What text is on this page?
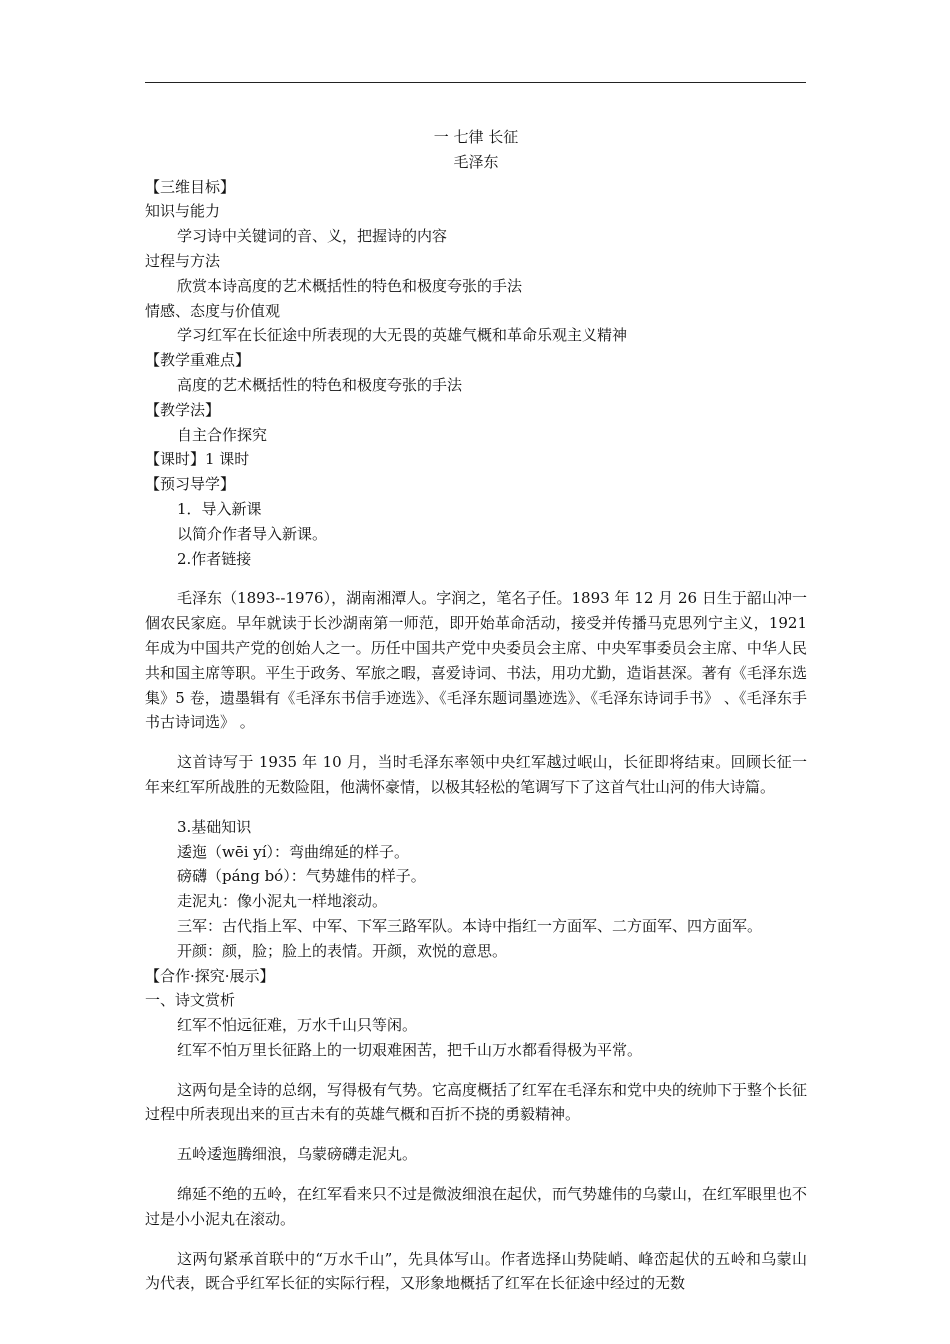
一 七律 长征

毛泽东

【三维目标】

知识与能力

学习诗中关键词的音、义，把握诗的内容

过程与方法

欣赏本诗高度的艺术概括性的特色和极度夸张的手法

情感、态度与价值观

学习红军在长征途中所表现的大无畏的英雄气概和革命乐观主义精神

【教学重难点】

高度的艺术概括性的特色和极度夸张的手法

【教学法】

自主合作探究

【课时】1 课时

【预习导学】

1．导入新课

以简介作者导入新课。

2.作者链接

毛泽东（1893--1976），湖南湘潭人。字润之，笔名子任。1893 年 12 月 26 日生于韶山冲一個农民家庭。早年就读于长沙湖南第一师范，即开始革命活动，接受并传播马克思列宁主义，1921 年成为中国共产党的创始人之一。历任中国共产党中央委员会主席、中央军事委员会主席、中华人民共和国主席等职。平生于政务、军旅之暇，喜爱诗词、书法，用功尤勤，造诣甚深。著有《毛泽东选集》5 卷，遗墨辑有《毛泽东书信手迹选》、《毛泽东题词墨迹选》、《毛泽东诗词手书》 、《毛泽东手书古诗词选》 。

这首诗写于 1935 年 10 月，当时毛泽东率领中央红军越过岷山，长征即将结束。回顾长征一年来红军所战胜的无数险阻，他满怀豪情，以极其轻松的笔调写下了这首气壮山河的伟大诗篇。

3.基础知识

逶迤（wēi yí）：弯曲绵延的样子。

磅礴（páng bó）：气势雄伟的样子。

走泥丸：像小泥丸一样地滚动。

三军：古代指上军、中军、下军三路军队。本诗中指红一方面军、二方面军、四方面军。

开颜：颜，脸；脸上的表情。开颜，欢悦的意思。

【合作·探究·展示】

一、诗文赏析

红军不怕远征难，万水千山只等闲。

红军不怕万里长征路上的一切艰难困苦，把千山万水都看得极为平常。

这两句是全诗的总纲，写得极有气势。它高度概括了红军在毛泽东和党中央的统帅下于整个长征过程中所表现出来的亘古未有的英雄气概和百折不挠的勇毅精神。

五岭逶迤腾细浪，乌蒙磅礴走泥丸。

绵延不绝的五岭，在红军看来只不过是微波细浪在起伏，而气势雄伟的乌蒙山，在红军眼里也不过是小小泥丸在滚动。

这两句紧承首联中的“万水千山”，先具体写山。作者选择山势陡峭、峰峦起伏的五岭和乌蒙山为代表，既合乎红军长征的实际行程，又形象地概括了红军在长征途中经过的无数
